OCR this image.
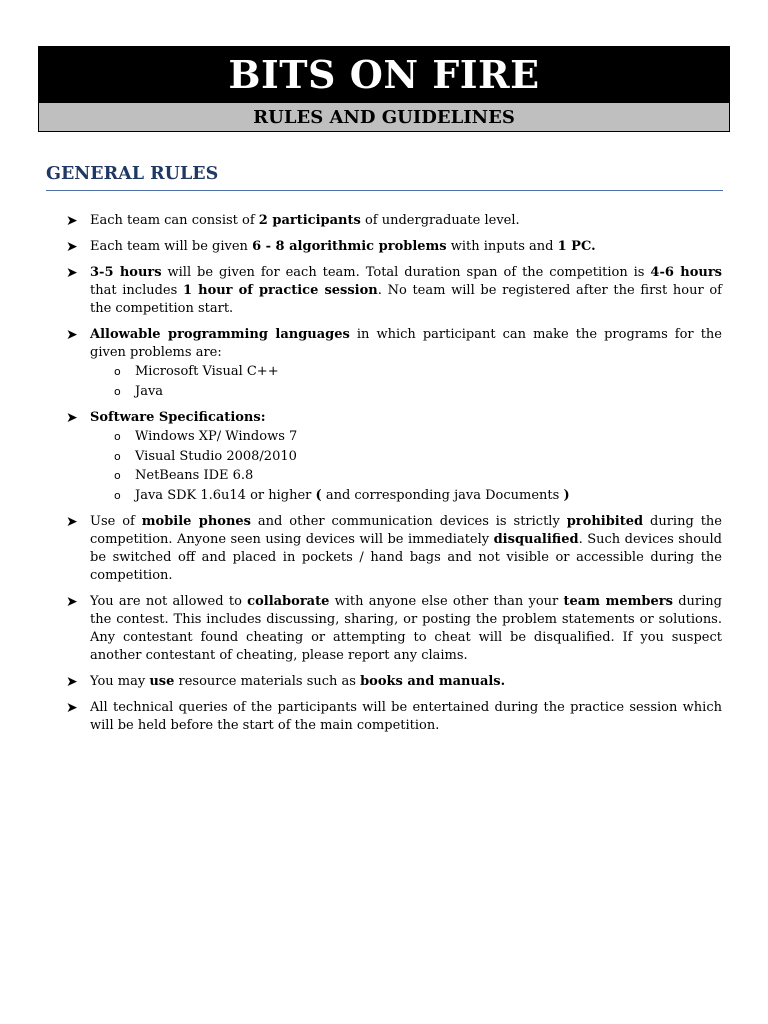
BITS ON FIRE
RULES AND GUIDELINES
GENERAL RULES
➤ Each team can consist of 2 participants of undergraduate level.
➤ Each team will be given 6 - 8 algorithmic problems with inputs and 1 PC.
➤ 3-5 hours will be given for each team. Total duration span of the competition is 4-6 hours that includes 1 hour of practice session. No team will be registered after the first hour of the competition start.
➤ Allowable programming languages in which participant can make the programs for the given problems are:
o Microsoft Visual C++
o Java
➤ Software Specifications:
o Windows XP/ Windows 7
o Visual Studio 2008/2010
o NetBeans IDE 6.8
o Java SDK 1.6u14 or higher ( and corresponding java Documents )
➤ Use of mobile phones and other communication devices is strictly prohibited during the competition. Anyone seen using devices will be immediately disqualified. Such devices should be switched off and placed in pockets / hand bags and not visible or accessible during the competition.
➤ You are not allowed to collaborate with anyone else other than your team members during the contest. This includes discussing, sharing, or posting the problem statements or solutions. Any contestant found cheating or attempting to cheat will be disqualified. If you suspect another contestant of cheating, please report any claims.
➤ You may use resource materials such as books and manuals.
➤ All technical queries of the participants will be entertained during the practice session which will be held before the start of the main competition.
